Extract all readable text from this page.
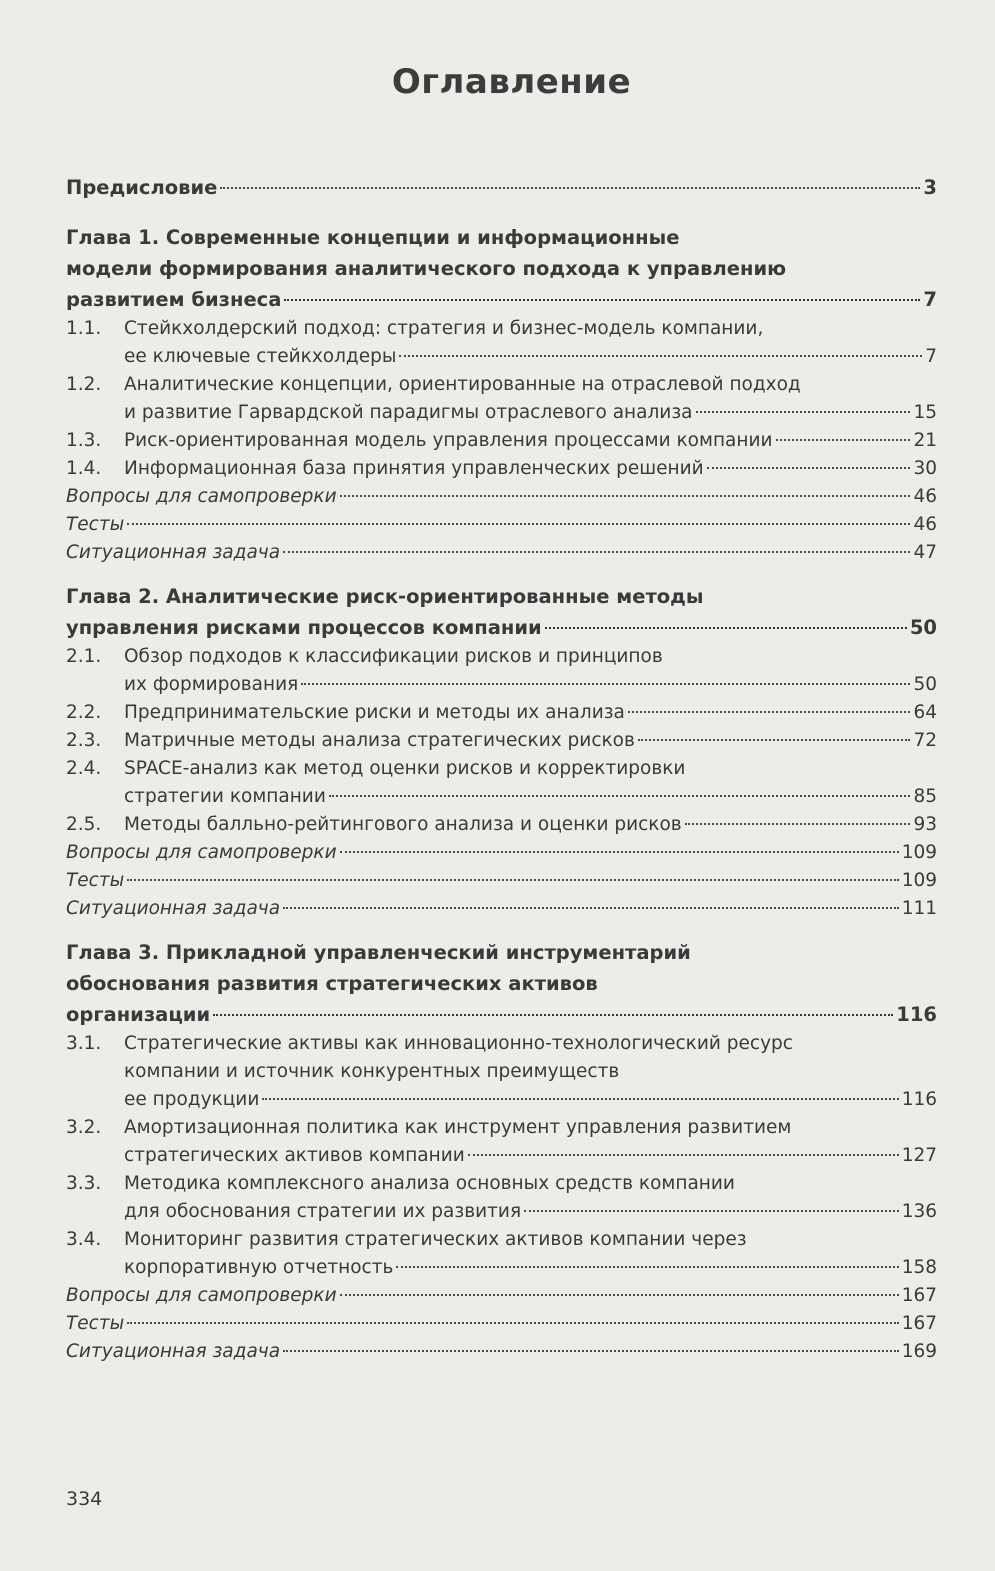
Оглавление
Предисловие	3
Глава 1. Современные концепции и информационные
модели формирования аналитического подхода к управлению
развитием бизнеса	7
1.1.	Стейкхолдерский подход: стратегия и бизнес-модель компании,
ее ключевые стейкхолдеры	7
1.2.	Аналитические концепции, ориентированные на отраслевой подход
и развитие Гарвардской парадигмы отраслевого анализа	15
1.3.	Риск-ориентированная модель управления процессами компании	21
1.4.	Информационная база принятия управленческих решений	30
Вопросы для самопроверки	46
Тесты	46
Ситуационная задача	47
Глава 2. Аналитические риск-ориентированные методы
управления рисками процессов компании	50
2.1.	Обзор подходов к классификации рисков и принципов
их формирования	50
2.2.	Предпринимательские риски и методы их анализа	64
2.3.	Матричные методы анализа стратегических рисков	72
2.4.	SPACE-анализ как метод оценки рисков и корректировки
стратегии компании	85
2.5.	Методы балльно-рейтингового анализа и оценки рисков	93
Вопросы для самопроверки	109
Тесты	109
Ситуационная задача	111
Глава 3. Прикладной управленческий инструментарий
обоснования развития стратегических активов
организации	116
3.1.	Стратегические активы как инновационно-технологический ресурс
компании и источник конкурентных преимуществ
ее продукции	116
3.2.	Амортизационная политика как инструмент управления развитием
стратегических активов компании	127
3.3.	Методика комплексного анализа основных средств компании
для обоснования стратегии их развития	136
3.4.	Мониторинг развития стратегических активов компании через
корпоративную отчетность	158
Вопросы для самопроверки	167
Тесты	167
Ситуационная задача	169
334
